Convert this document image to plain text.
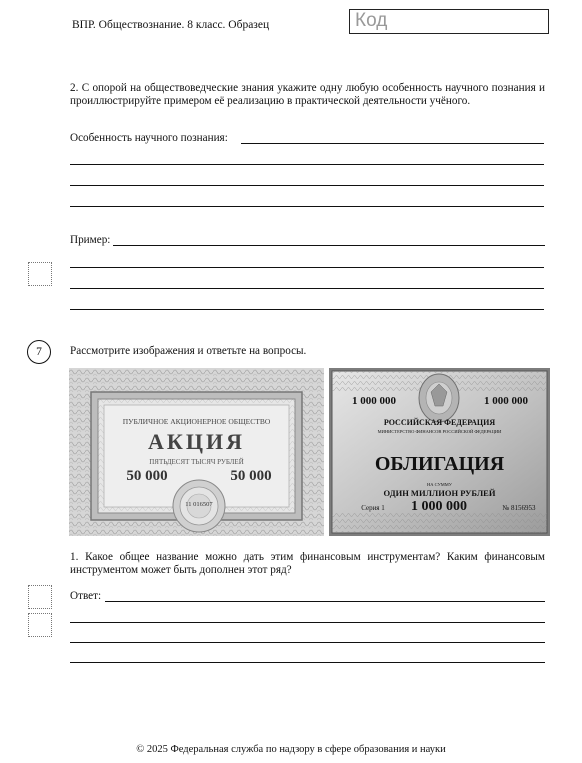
ВПР. Обществознание. 8 класс. Образец	Код
2. С опорой на обществоведческие знания укажите одну любую особенность научного познания и проиллюстрируйте примером её реализацию в практической деятельности учёного.
Особенность научного познания:
Пример:
7	Рассмотрите изображения и ответьте на вопросы.
ПУБЛИЧНОЕ АКЦИОНЕРНОЕ ОБЩЕСТВО
АКЦИЯ
ПЯТЬДЕСЯТ ТЫСЯЧ РУБЛЕЙ
50 000	50 000
11 016507
1 000 000	1 000 000
РОССИЙСКАЯ ФЕДЕРАЦИЯ
МИНИСТЕРСТВО ФИНАНСОВ РОССИЙСКОЙ ФЕДЕРАЦИИ
ОБЛИГАЦИЯ
НА СУММУ
ОДИН МИЛЛИОН РУБЛЕЙ
Серия 1	1 000 000	№ 8156953
1. Какое общее название можно дать этим финансовым инструментам? Каким финансовым инструментом может быть дополнен этот ряд?
Ответ:
© 2025 Федеральная служба по надзору в сфере образования и науки
